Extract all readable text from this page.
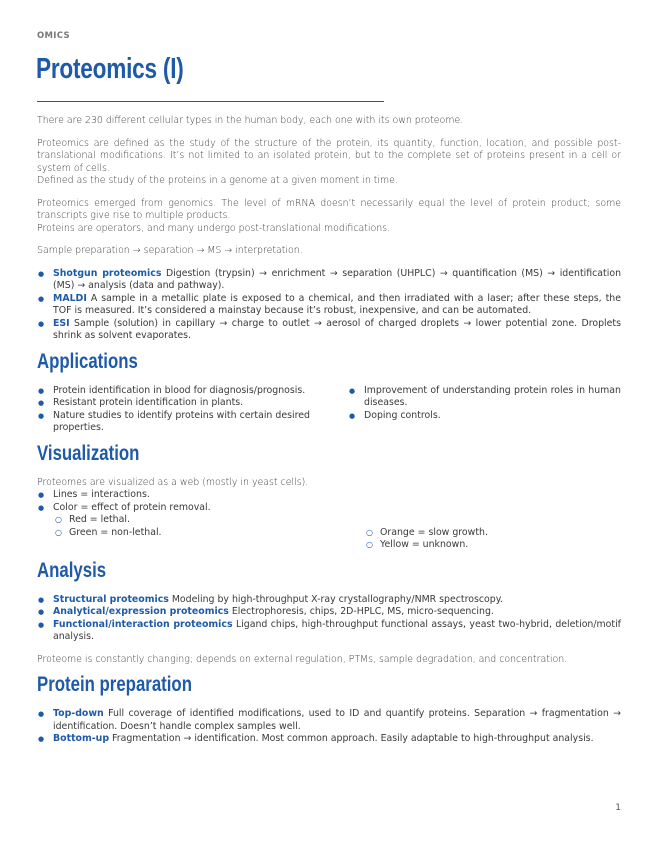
OMICS
Proteomics (I)

There are 230 different cellular types in the human body, each one with its own proteome.

Proteomics are defined as the study of the structure of the protein, its quantity, function, location, and possible post-translational modifications. It’s not limited to an isolated protein, but to the complete set of proteins present in a cell or system of cells.

Defined as the study of the proteins in a genome at a given moment in time.

Proteomics emerged from genomics. The level of mRNA doesn’t necessarily equal the level of protein product; some transcripts give rise to multiple products.

Proteins are operators, and many undergo post-translational modifications.

Sample preparation → separation → MS → interpretation.

● Shotgun proteomics Digestion (trypsin) → enrichment → separation (UHPLC) → quantification (MS) → identification (MS) → analysis (data and pathway).
● MALDI A sample in a metallic plate is exposed to a chemical, and then irradiated with a laser; after these steps, the TOF is measured. It’s considered a mainstay because it’s robust, inexpensive, and can be automated.
● ESI Sample (solution) in capillary → charge to outlet → aerosol of charged droplets → lower potential zone. Droplets shrink as solvent evaporates.
Applications
● Protein identification in blood for diagnosis/prognosis.
● Resistant protein identification in plants.
● Nature studies to identify proteins with certain desired properties.
● Improvement of understanding protein roles in human diseases.
● Doping controls.
Visualization

Proteomes are visualized as a web (mostly in yeast cells).

● Lines = interactions.
● Color = effect of protein removal.
○ Red = lethal.
○ Green = non-lethal.
○	Orange = slow growth.
○ Yellow = unknown.
Analysis
● Structural proteomics Modeling by high-throughput X-ray crystallography/NMR spectroscopy.
● Analytical/expression proteomics Electrophoresis, chips, 2D-HPLC, MS, micro-sequencing.
● Functional/interaction proteomics Ligand chips, high-throughput functional assays, yeast two-hybrid, deletion/motif analysis.

Proteome is constantly changing; depends on external regulation, PTMs, sample degradation, and concentration.

Protein preparation
● Top-down Full coverage of identified modifications, used to ID and quantify proteins. Separation → fragmentation → identification. Doesn’t handle complex samples well.
● Bottom-up Fragmentation → identification. Most common approach. Easily adaptable to high-throughput analysis.
1
